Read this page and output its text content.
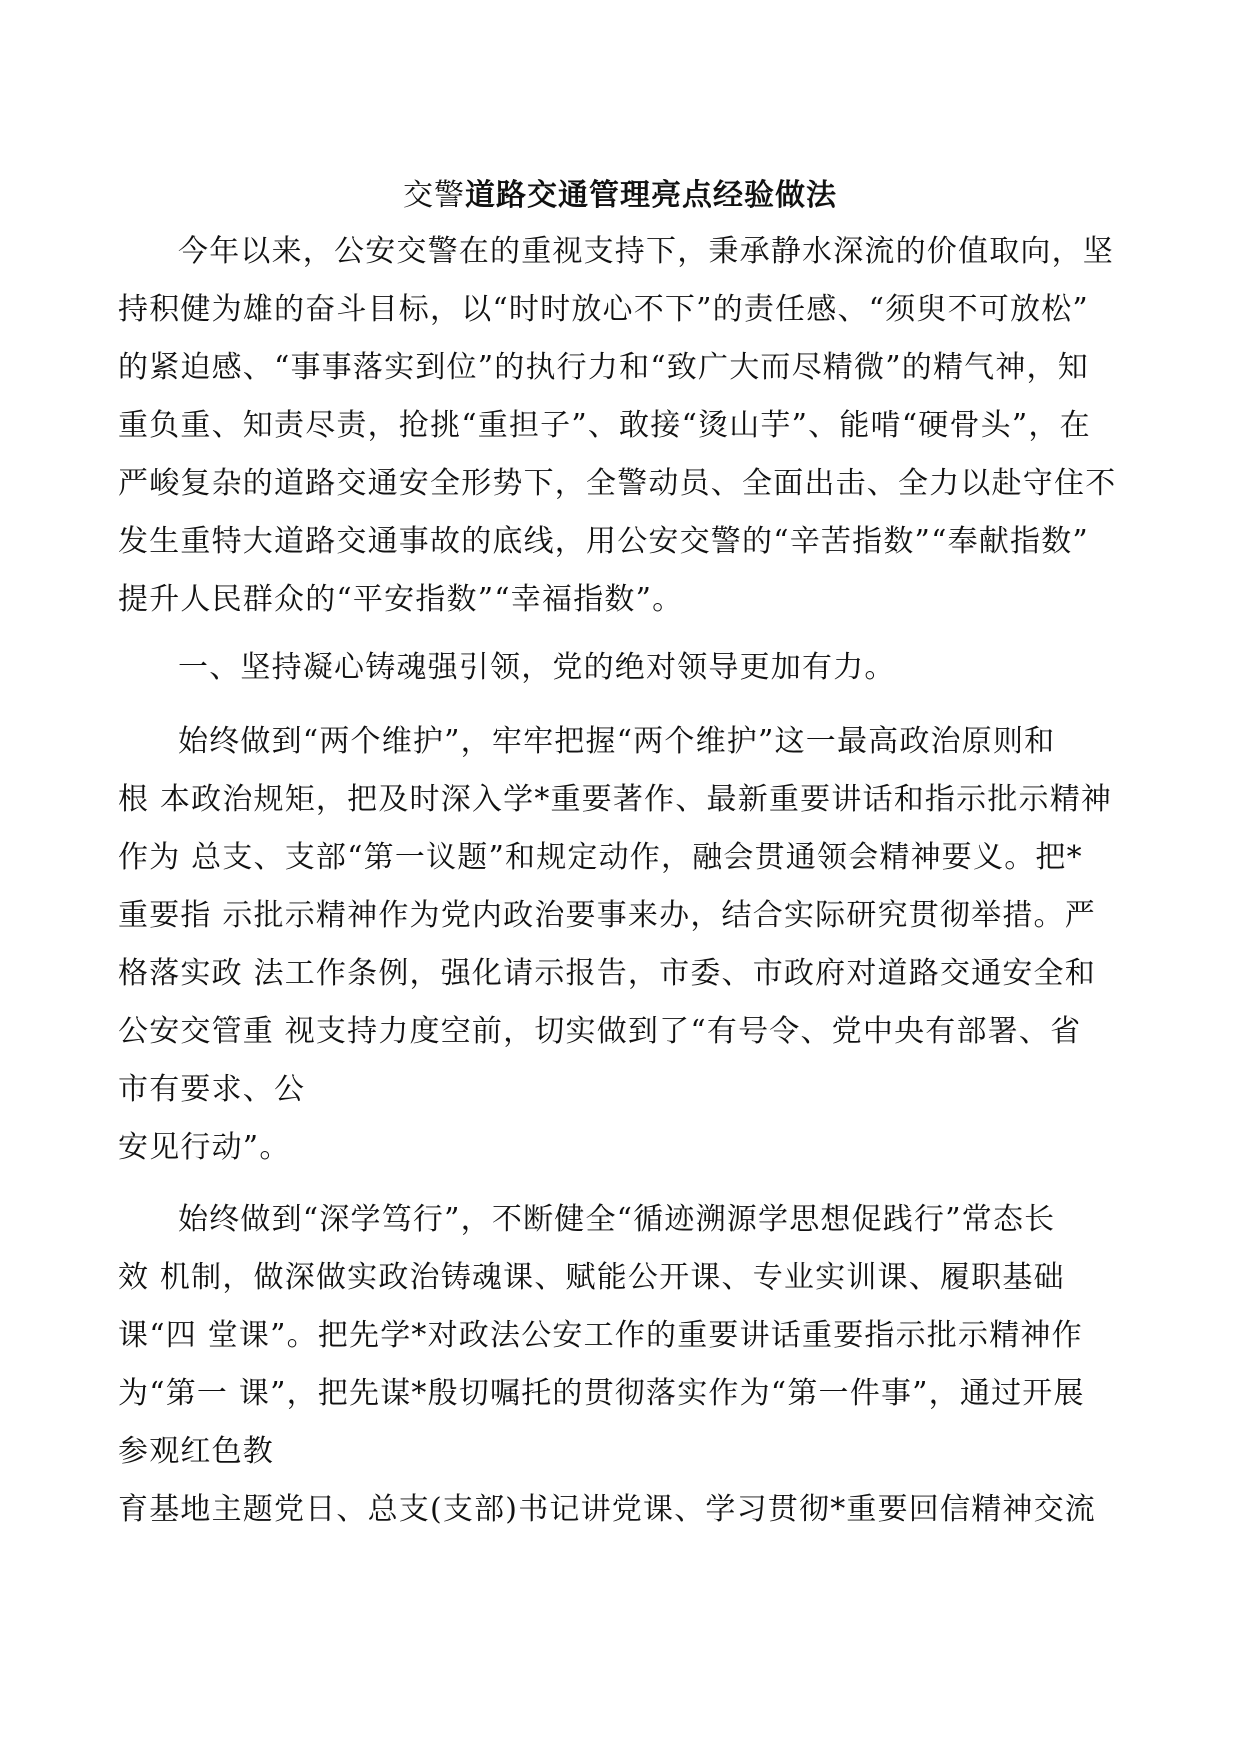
交警道路交通管理亮点经验做法
今年以来，公安交警在的重视支持下，秉承静水深流的价值取向，坚
持积健为雄的奋斗目标，以“时时放心不下”的责任感、“须臾不可放松”
的紧迫感、“事事落实到位”的执行力和“致广大而尽精微”的精气神，知
重负重、知责尽责，抢挑“重担子”、敢接“烫山芋”、能啃“硬骨头”，在
严峻复杂的道路交通安全形势下，全警动员、全面出击、全力以赴守住不
发生重特大道路交通事故的底线，用公安交警的“辛苦指数”“奉献指数”
提升人民群众的“平安指数”“幸福指数”。
一、坚持凝心铸魂强引领，党的绝对领导更加有力。
始终做到“两个维护”，牢牢把握“两个维护”这一最高政治原则和
根 本政治规矩，把及时深入学*重要著作、最新重要讲话和指示批示精神
作为 总支、支部“第一议题”和规定动作，融会贯通领会精神要义。把*
重要指 示批示精神作为党内政治要事来办，结合实际研究贯彻举措。严
格落实政 法工作条例，强化请示报告，市委、市政府对道路交通安全和
公安交管重 视支持力度空前，切实做到了“有号令、党中央有部署、省
市有要求、公
安见行动”。
始终做到“深学笃行”，不断健全“循迹溯源学思想促践行”常态长
效 机制，做深做实政治铸魂课、赋能公开课、专业实训课、履职基础
课“四 堂课”。把先学*对政法公安工作的重要讲话重要指示批示精神作
为“第一 课”，把先谋*殷切嘱托的贯彻落实作为“第一件事”，通过开展
参观红色教
育基地主题党日、总支(支部)书记讲党课、学习贯彻*重要回信精神交流
